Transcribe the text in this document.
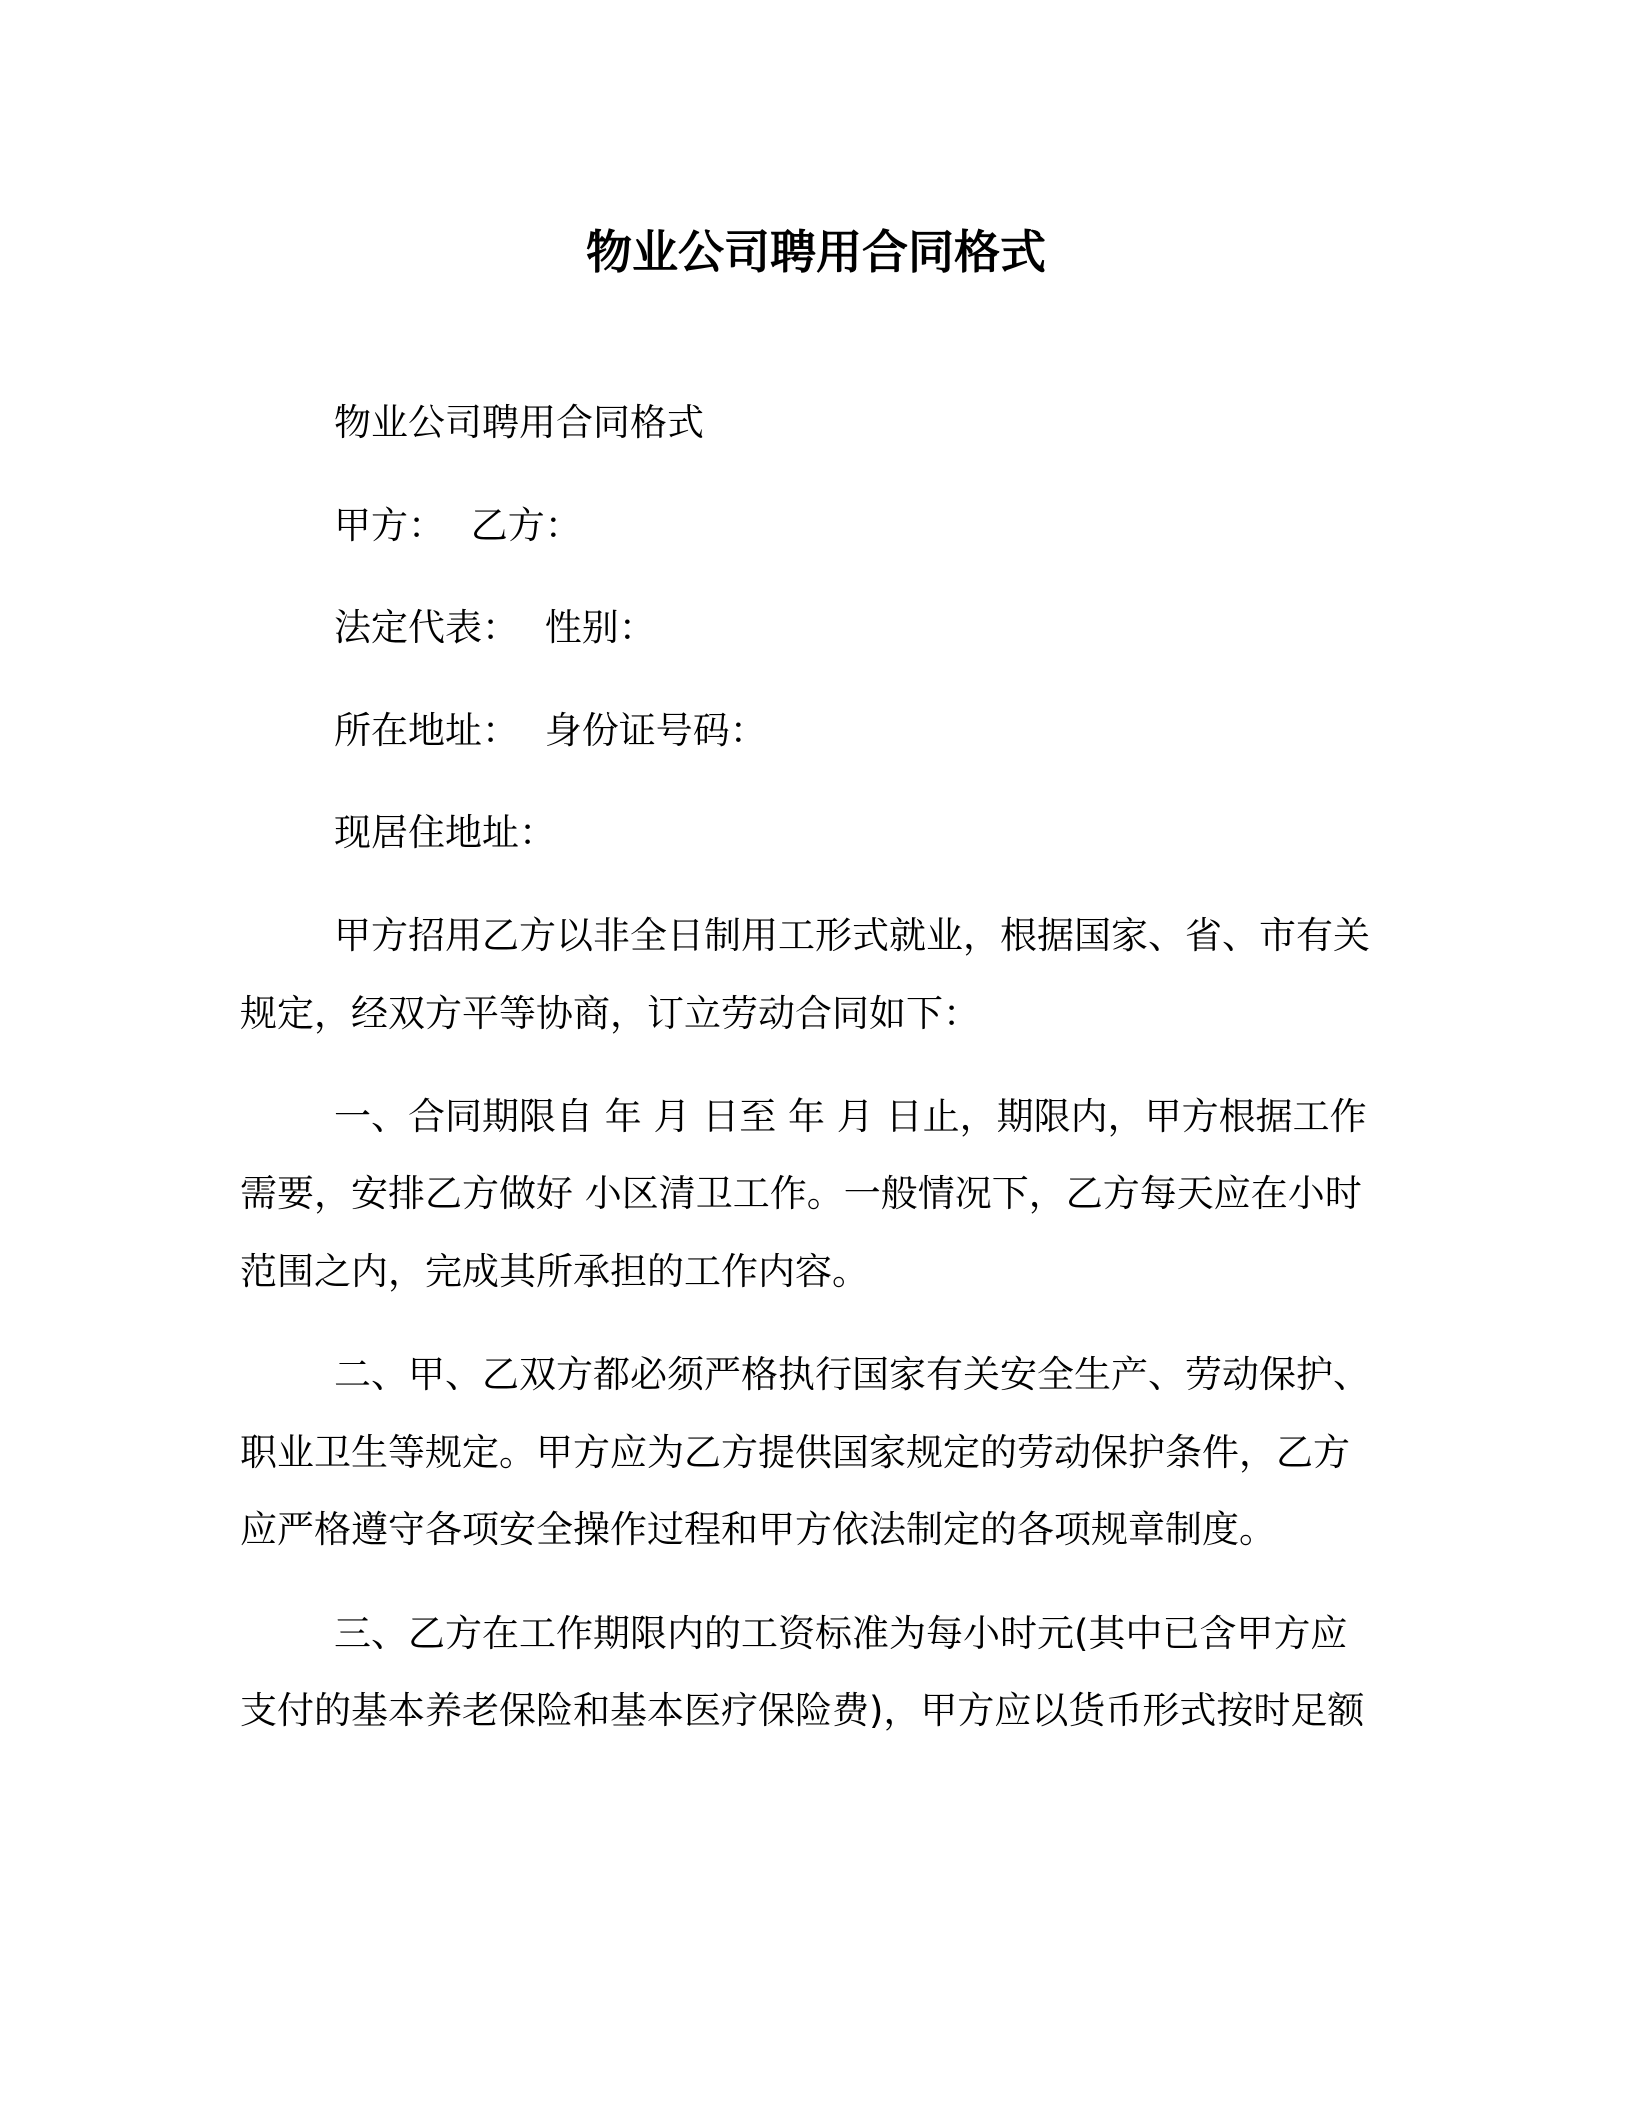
物业公司聘用合同格式

物业公司聘用合同格式

甲方： 乙方：

法定代表： 性别：

所在地址： 身份证号码：

现居住地址：

甲方招用乙方以非全日制用工形式就业，根据国家、省、市有关

规定，经双方平等协商，订立劳动合同如下：

一、合同期限自 年 月 日至 年 月 日止，期限内，甲方根据工作

需要，安排乙方做好 小区清卫工作。一般情况下，乙方每天应在小时

范围之内，完成其所承担的工作内容。

二、甲、乙双方都必须严格执行国家有关安全生产、劳动保护、

职业卫生等规定。甲方应为乙方提供国家规定的劳动保护条件，乙方

应严格遵守各项安全操作过程和甲方依法制定的各项规章制度。

三、乙方在工作期限内的工资标准为每小时元(其中已含甲方应

支付的基本养老保险和基本医疗保险费)，甲方应以货币形式按时足额
